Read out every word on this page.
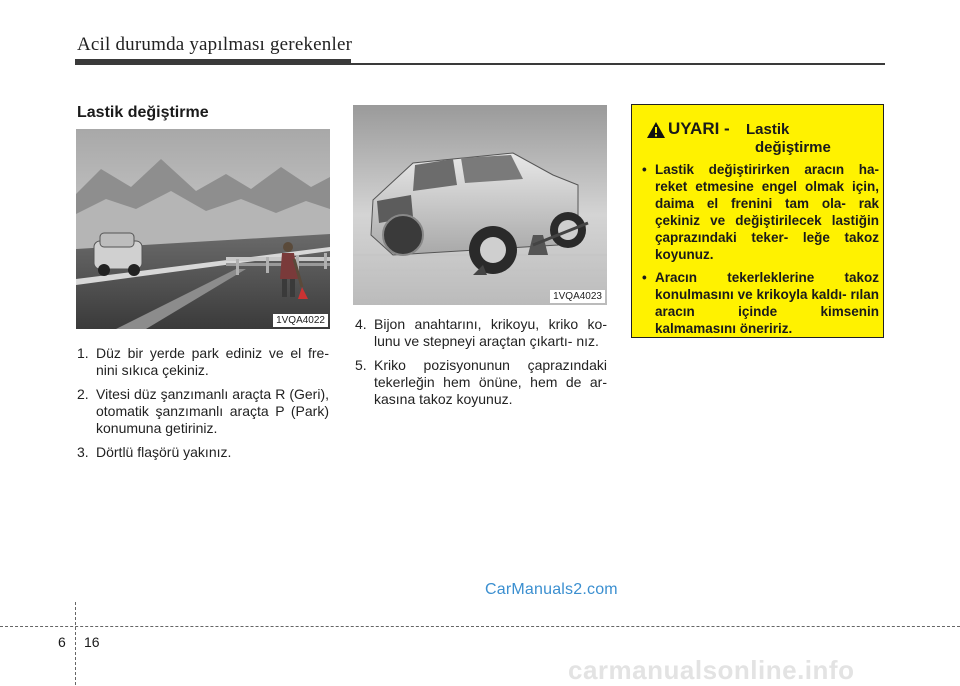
Acil durumda yapılması gerekenler
Lastik değiştirme
1VQA4022
1VQA4023
1. Düz bir yerde park ediniz ve el fre- nini sıkıca çekiniz.
2. Vitesi düz şanzımanlı araçta R (Geri), otomatik şanzımanlı araçta P (Park) konumuna getiriniz.
3. Dörtlü flaşörü yakınız.
4. Bijon anahtarını, krikoyu, kriko ko- lunu ve stepneyi araçtan çıkartı- nız.
5. Kriko pozisyonunun çaprazındaki tekerleğin hem önüne, hem de ar- kasına takoz koyunuz.
UYARI - Lastik
değiştirme
• Lastik değiştirirken aracın ha- reket etmesine engel olmak için, daima el frenini tam ola- rak çekiniz ve değiştirilecek lastiğin çaprazındaki teker- leğe takoz koyunuz.
• Aracın tekerleklerine takoz konulmasını ve krikoyla kaldı- rılan aracın içinde kimsenin kalmamasını öneririz.
CarManuals2.com
6 16
carmanualsonline.info
